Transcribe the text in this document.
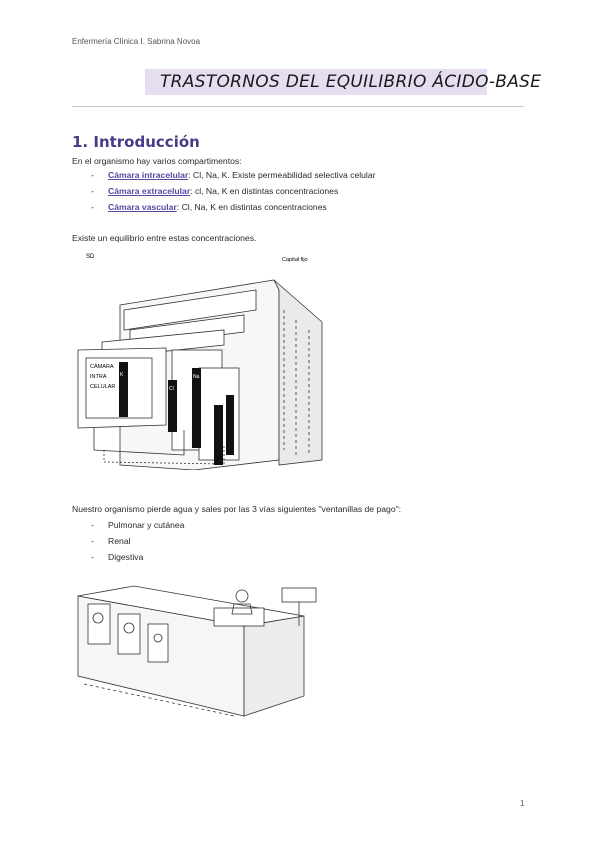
Enfermería Clínica I. Sabrina Novoa
TRASTORNOS DEL EQUILIBRIO ÁCIDO-BASE
1. Introducción
En el organismo hay varios compartimentos:
- Cámara intracelular: Cl, Na, K. Existe permeabilidad selectiva celular
- Cámara extracelular: cl, Na, K en distintas concentraciones
- Cámara vascular: Cl, Na, K en distintas concentraciones
Existe un equilibrio entre estas concentraciones.
SD	Capital fijo
K
Cl
Na
CÁMARA
INTRA
CELULAR
Nuestro organismo pierde agua y sales por las 3 vías siguientes "ventanillas de pago":
- Pulmonar y cutánea
- Renal
- Digestiva
1
